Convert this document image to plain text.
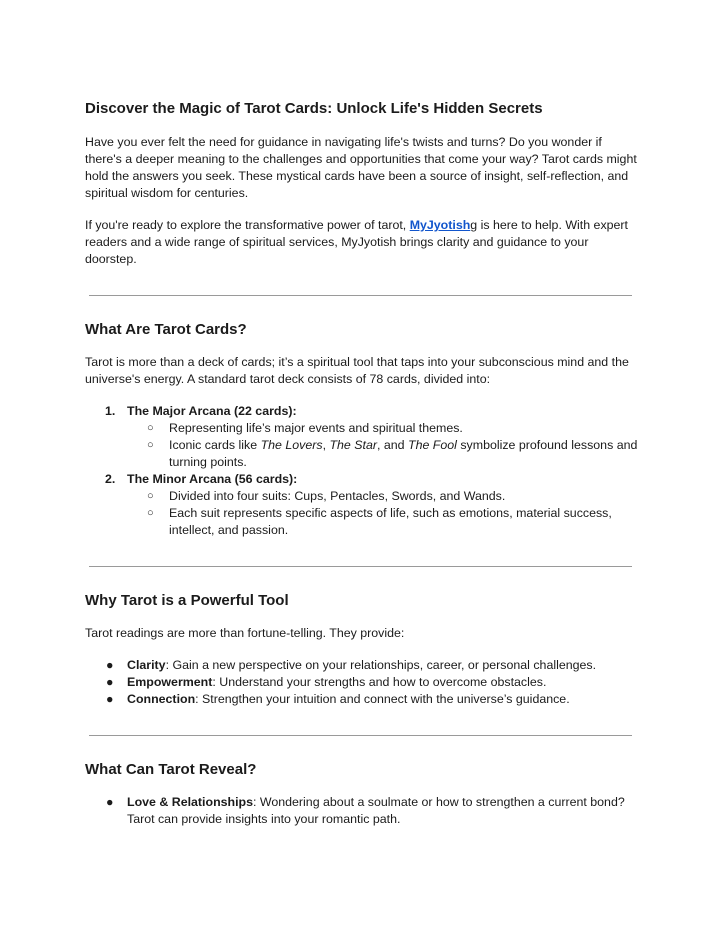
Discover the Magic of Tarot Cards: Unlock Life's Hidden Secrets

Have you ever felt the need for guidance in navigating life's twists and turns? Do you wonder if there's a deeper meaning to the challenges and opportunities that come your way? Tarot cards might hold the answers you seek. These mystical cards have been a source of insight, self-reflection, and spiritual wisdom for centuries.

If you're ready to explore the transformative power of tarot, MyJyotishg is here to help. With expert readers and a wide range of spiritual services, MyJyotish brings clarity and guidance to your doorstep.

What Are Tarot Cards?

Tarot is more than a deck of cards; it’s a spiritual tool that taps into your subconscious mind and the universe's energy. A standard tarot deck consists of 78 cards, divided into:

1. The Major Arcana (22 cards):
○ Representing life’s major events and spiritual themes.
○ Iconic cards like The Lovers, The Star, and The Fool symbolize profound lessons and turning points.
2. The Minor Arcana (56 cards):
○ Divided into four suits: Cups, Pentacles, Swords, and Wands.
○ Each suit represents specific aspects of life, such as emotions, material success, intellect, and passion.
Why Tarot is a Powerful Tool

Tarot readings are more than fortune-telling. They provide:

● Clarity: Gain a new perspective on your relationships, career, or personal challenges.
● Empowerment: Understand your strengths and how to overcome obstacles.
● Connection: Strengthen your intuition and connect with the universe’s guidance.
What Can Tarot Reveal?
● Love & Relationships: Wondering about a soulmate or how to strengthen a current bond? Tarot can provide insights into your romantic path.
